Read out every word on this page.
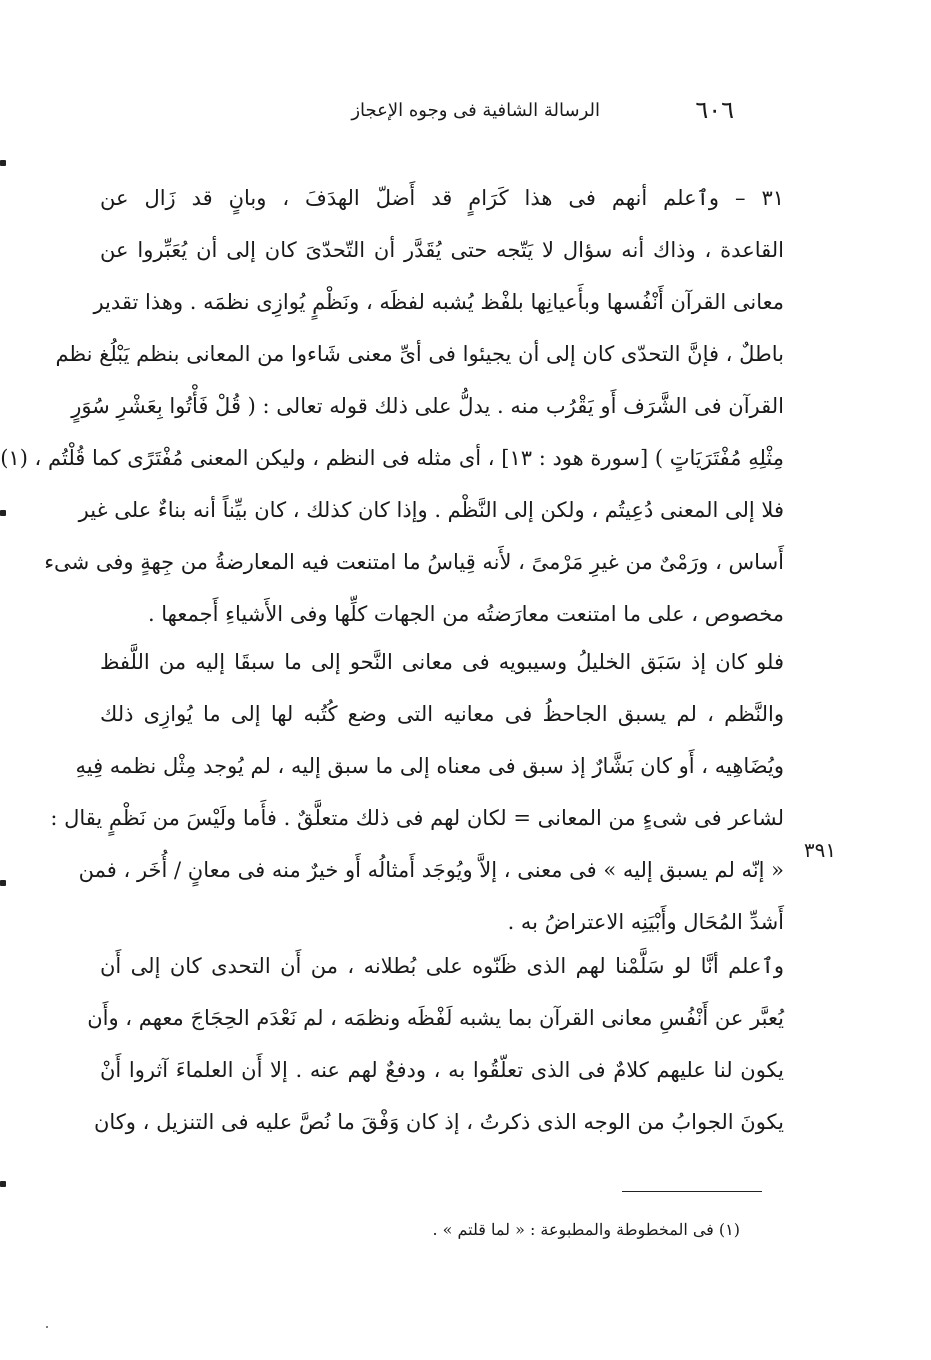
٦٠٦
الرسالة الشافية فى وجوه الإعجاز
٣١ – وٱعلم أنهم فى هذا كَرَامٍ قد أَضلّ الهدَفَ ، وبانٍ قد زَال عن
القاعدة ، وذاك أنه سؤال لا يَتّجه حتى يُقَدَّر أن التّحدّىَ كان إلى أن يُعَبِّروا عن
معانى القرآن أَنْفُسها وبأَعيانِها بلفْظ يُشبه لفظَه ، ونَظْمٍ يُوازِى نظمَه . وهذا تقدير
باطلٌ ، فإنَّ التحدّى كان إلى أن يجيئوا فى أىِّ معنى شَاءوا من المعانى بنظم يَبْلُغ نظم
القرآن فى الشَّرَف أَو يَقْرُب منه . يدلُّ على ذلك قوله تعالى : ( قُلْ فَأْتُوا بِعَشْرِ سُوَرٍ
مِثْلِهِ مُفْتَرَيَاتٍ ) [سورة هود : ١٣] ، أى مثله فى النظم ، وليكن المعنى مُفْتَرًى كما قُلْتُم ، (١)
فلا إلى المعنى دُعِيتُم ، ولكن إلى النَّظْم . وإذا كان كذلك ، كان بيِّناً أنه بناءٌ على غير
أَساس ، ورَمْىٌ من غيرِ مَرْمىً ، لأَنه قِياسُ ما امتنعت فيه المعارضةُ من جِهةٍ وفى شىء
مخصوص ، على ما امتنعت معارَضتُه من الجهات كلِّها وفى الأَشياءِ أَجمعها .
فلو كان إذ سَبَق الخليلُ وسيبويه فى معانى النَّحو إلى ما سبقَا إليه من اللَّفظ
والنَّظم ، لم يسبق الجاحظُ فى معانيه التى وضع كُتُبه لها إلى ما يُوازِى ذلك
ويُضَاهِيه ، أَو كان بَشَّارٌ إذ سبق فى معناه إلى ما سبق إليه ، لم يُوجد مِثْل نظمه فِيهِ
لشاعر فى شىءٍ من المعانى = لكان لهم فى ذلك متعلَّقٌ . فأَما ولَيْسَ من نَظْمٍ يقال :
« إنّه لم يسبق إليه » فى معنى ، إلاَّ ويُوجَد أَمثالُه أَو خيرٌ منه فى معانٍ / أُخَر ، فمن
أَشدِّ المُحَال وأَبْيَنِه الاعتراضُ به .
٣٩١
وٱعلم أنَّا لو سَلَّمْنا لهم الذى ظَنّوه على بُطلانه ، من أَن التحدى كان إلى أَن
يُعبَّر عن أَنْفُسِ معانى القرآن بما يشبه لَفْظَه ونظمَه ، لم نَعْدَم الحِجَاجَ معهم ، وأَن
يكون لنا عليهم كلامٌ فى الذى تعلّقُوا به ، ودفعٌ لهم عنه . إلا أَن العلماءَ آثروا أَنْ
يكونَ الجوابُ من الوجه الذى ذكرتُ ، إذ كان وَفْقَ ما نُصَّ عليه فى التنزيل ، وكان
(١) فى المخطوطة والمطبوعة : « لما قلتم » .
